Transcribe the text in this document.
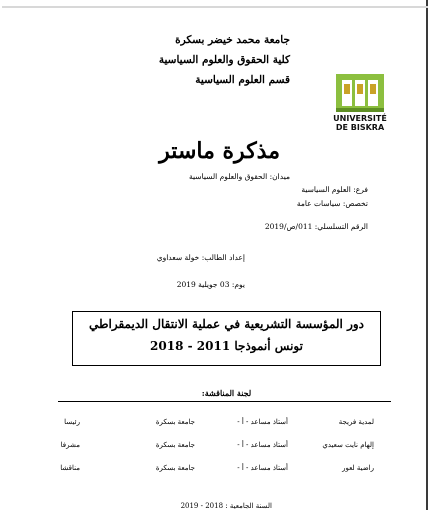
جامعة محمد خيضر بسكرة
كلية الحقوق والعلوم السياسية
قسم العلوم السياسية
UNIVERSITÉ
DE BISKRA
مذكرة ماستر
ميدان: الحقوق والعلوم السياسية
فرع: العلوم السياسية
تخصص: سياسات عامة
الرقم التسلسلي: 011/ص/2019
إعداد الطالب: خولة سعداوي
يوم: 03 جويلية 2019
دور المؤسسة التشريعية في عملية الانتقال الديمقراطي
تونس أنموذجا 2011 - 2018
لجنة المناقشة:
لمدية فريجة
أستاذ مساعد - أ -
جامعة بسكرة
رئيسا
إلهام نايت سعيدي
أستاذ مساعد - أ -
جامعة بسكرة
مشرفا
راضية لعور
أستاذ مساعد - أ -
جامعة بسكرة
مناقشا
السنة الجامعية : 2018 - 2019
